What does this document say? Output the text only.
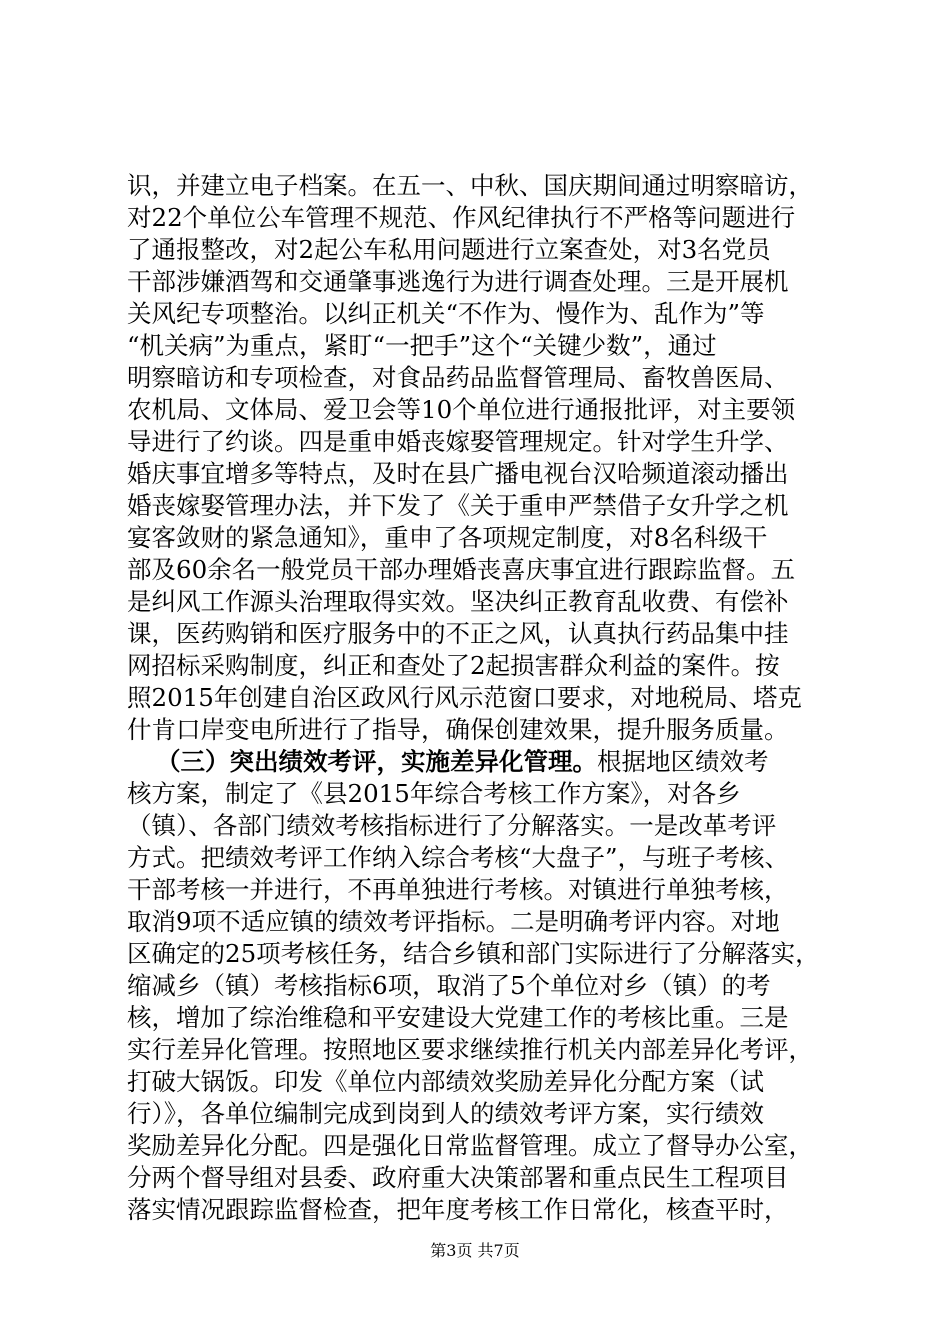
识，并建立电子档案。在五一、中秋、国庆期间通过明察暗访，
对22个单位公车管理不规范、作风纪律执行不严格等问题进行
了通报整改，对2起公车私用问题进行立案查处，对3名党员
干部涉嫌酒驾和交通肇事逃逸行为进行调查处理。三是开展机
关风纪专项整治。以纠正机关“不作为、慢作为、乱作为”等
“机关病”为重点，紧盯“一把手”这个“关键少数”，通过
明察暗访和专项检查，对食品药品监督管理局、畜牧兽医局、
农机局、文体局、爱卫会等10个单位进行通报批评，对主要领
导进行了约谈。四是重申婚丧嫁娶管理规定。针对学生升学、
婚庆事宜增多等特点，及时在县广播电视台汉哈频道滚动播出
婚丧嫁娶管理办法，并下发了《关于重申严禁借子女升学之机
宴客敛财的紧急通知》，重申了各项规定制度，对8名科级干
部及60余名一般党员干部办理婚丧喜庆事宜进行跟踪监督。五
是纠风工作源头治理取得实效。坚决纠正教育乱收费、有偿补
课，医药购销和医疗服务中的不正之风，认真执行药品集中挂
网招标采购制度，纠正和查处了2起损害群众利益的案件。按
照2015年创建自治区政风行风示范窗口要求，对地税局、塔克
什肯口岸变电所进行了指导，确保创建效果，提升服务质量。
（三）突出绩效考评，实施差异化管理。根据地区绩效考
核方案，制定了《县2015年综合考核工作方案》，对各乡
（镇）、各部门绩效考核指标进行了分解落实。一是改革考评
方式。把绩效考评工作纳入综合考核“大盘子”，与班子考核、
干部考核一并进行，不再单独进行考核。对镇进行单独考核，
取消9项不适应镇的绩效考评指标。二是明确考评内容。对地
区确定的25项考核任务，结合乡镇和部门实际进行了分解落实，
缩减乡（镇）考核指标6项，取消了5个单位对乡（镇）的考
核，增加了综治维稳和平安建设大党建工作的考核比重。三是
实行差异化管理。按照地区要求继续推行机关内部差异化考评，
打破大锅饭。印发《单位内部绩效奖励差异化分配方案（试
行）》，各单位编制完成到岗到人的绩效考评方案，实行绩效
奖励差异化分配。四是强化日常监督管理。成立了督导办公室，
分两个督导组对县委、政府重大决策部署和重点民生工程项目
落实情况跟踪监督检查，把年度考核工作日常化，核查平时，
第3页 共7页
